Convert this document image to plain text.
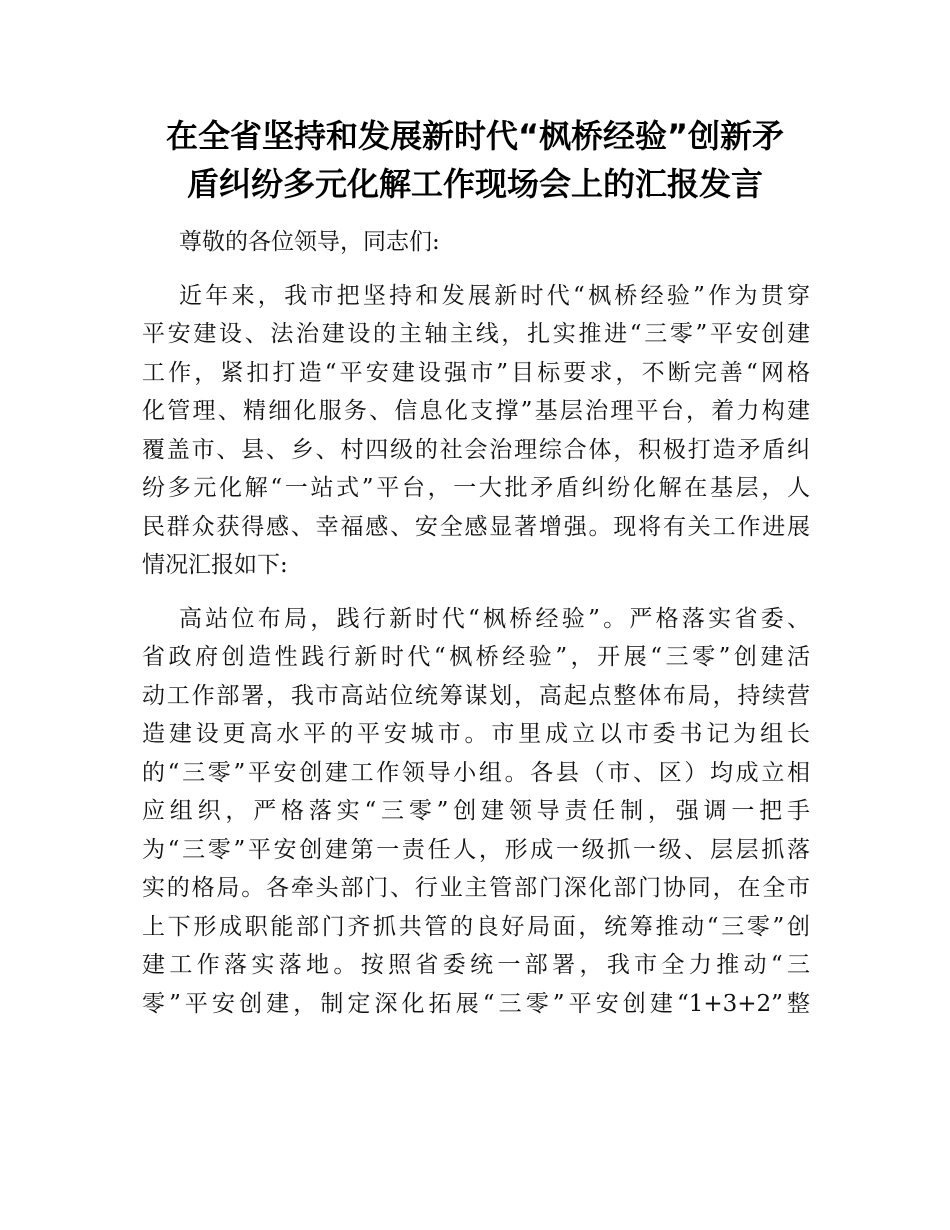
在全省坚持和发展新时代“枫桥经验”创新矛
盾纠纷多元化解工作现场会上的汇报发言
尊敬的各位领导，同志们:
近年来，我市把坚持和发展新时代“枫桥经验”作为贯穿
平安建设、法治建设的主轴主线，扎实推进“三零”平安创建
工作，紧扣打造“平安建设强市”目标要求，不断完善“网格
化管理、精细化服务、信息化支撑”基层治理平台，着力构建
覆盖市、县、乡、村四级的社会治理综合体，积极打造矛盾纠
纷多元化解“一站式”平台，一大批矛盾纠纷化解在基层，人
民群众获得感、幸福感、安全感显著增强。现将有关工作进展
情况汇报如下:
高站位布局，践行新时代“枫桥经验”。严格落实省委、
省政府创造性践行新时代“枫桥经验”，开展“三零”创建活
动工作部署，我市高站位统筹谋划，高起点整体布局，持续营
造建设更高水平的平安城市。市里成立以市委书记为组长
的“三零”平安创建工作领导小组。各县（市、区）均成立相
应组织，严格落实“三零”创建领导责任制，强调一把手
为“三零”平安创建第一责任人，形成一级抓一级、层层抓落
实的格局。各牵头部门、行业主管部门深化部门协同，在全市
上下形成职能部门齐抓共管的良好局面，统筹推动“三零”创
建工作落实落地。按照省委统一部署，我市全力推动“三
零”平安创建，制定深化拓展“三零”平安创建“1+3+2”整
